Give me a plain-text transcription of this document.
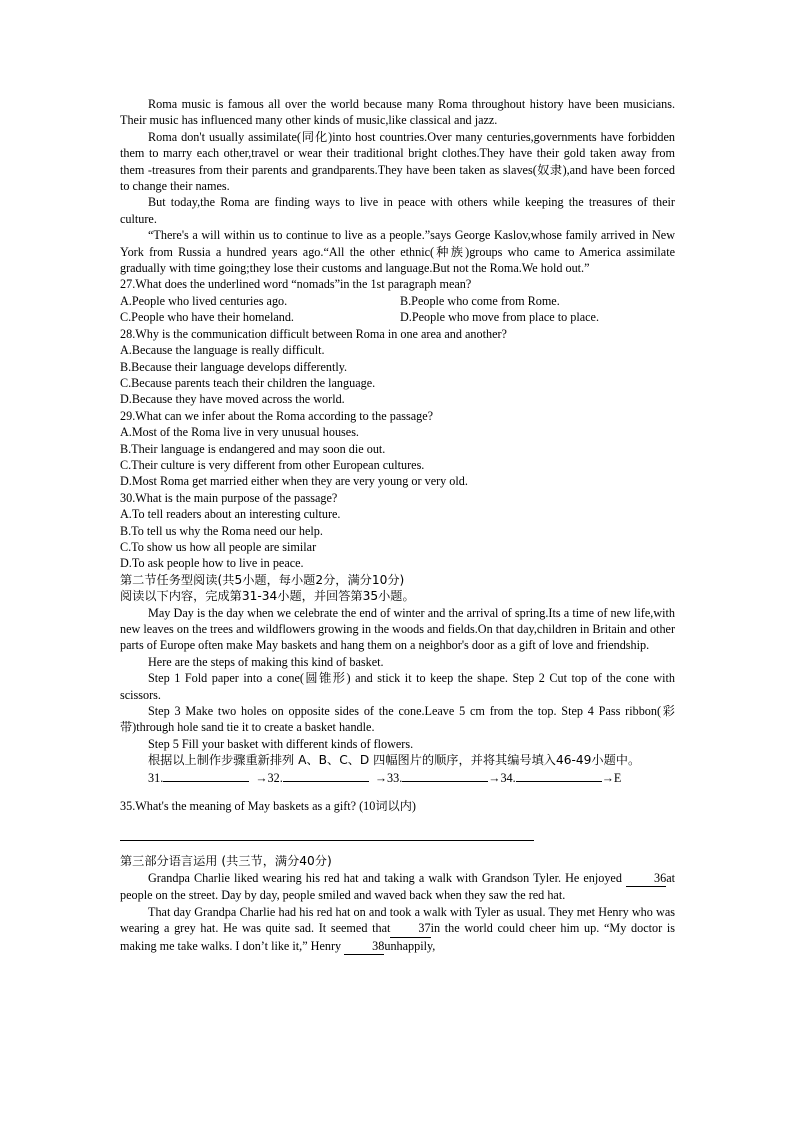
Roma music is famous all over the world because many Roma throughout history have been musicians. Their music has influenced many other kinds of music,like classical and jazz.

Roma don't usually assimilate(同化)into host countries.Over many centuries,governments have forbidden them to marry each other,travel or wear their traditional bright clothes.They have their gold taken away from them -treasures from their parents and grandparents.They have been taken as slaves(奴隶),and have been forced to change their names.

But today,the Roma are finding ways to live in peace with others while keeping the treasures of their culture.

“There's a will within us to continue to live as a people.”says George Kaslov,whose family arrived in New York from Russia a hundred years ago.“All the other ethnic(种族)groups who came to America assimilate gradually with time going;they lose their customs and language.But not the Roma.We hold out.”

27.What does the underlined word “nomads”in the 1st paragraph mean?

A.People who lived centuries ago.	B.People who come from Rome.
C.People who have their homeland.	D.People who move from place to place.

28.Why is the communication difficult between Roma in one area and another?

A.Because the language is really difficult.

B.Because their language develops differently.

C.Because parents teach their children the language.

D.Because they have moved across the world.

29.What can we infer about the Roma according to the passage?

A.Most of the Roma live in very unusual houses.

B.Their language is endangered and may soon die out.

C.Their culture is very different from other European cultures.

D.Most Roma get married either when they are very young or very old.

30.What is the main purpose of the passage?

A.To tell readers about an interesting culture.

B.To tell us why the Roma need our help.

C.To show us how all people are similar

D.To ask people how to live in peace.

第二节任务型阅读(共5小题，每小题2分，满分10分)

阅读以下内容，完成第31-34小题，并回答第35小题。

May Day is the day when we celebrate the end of winter and the arrival of spring.Its a time of new life,with new leaves on the trees and wildflowers growing in the woods and fields.On that day,children in Britain and other parts of Europe often make May baskets and hang them on a neighbor's door as a gift of love and friendship.

Here are the steps of making this kind of basket.

Step 1 Fold paper into a cone(圆锥形) and stick it to keep the shape. Step 2 Cut top of the cone with scissors.

Step 3 Make two holes on opposite sides of the cone.Leave 5 cm from the top. Step 4 Pass ribbon(彩带)through hole sand tie it to create a basket handle.

Step 5 Fill your basket with different kinds of flowers.

根据以上制作步骤重新排列 A、B、C、D 四幅图片的顺序，并将其编号填入46-49小题中。

31.	→32.	→33.	→34.	→E

35.What's the meaning of May baskets as a gift? (10词以内)

第三部分语言运用 (共三节，满分40分)

Grandpa Charlie liked wearing his red hat and taking a walk with Grandson Tyler. He enjoyed	36at people on the street. Day by day, people smiled and waved back when they saw the red hat.

That day Grandpa Charlie had his red hat on and took a walk with Tyler as usual. They met Henry who was wearing a grey hat. He was quite sad. It seemed that 37in the world could cheer him up. “My doctor is making me take walks. I don’t like it,” Henry	38unhappily,
